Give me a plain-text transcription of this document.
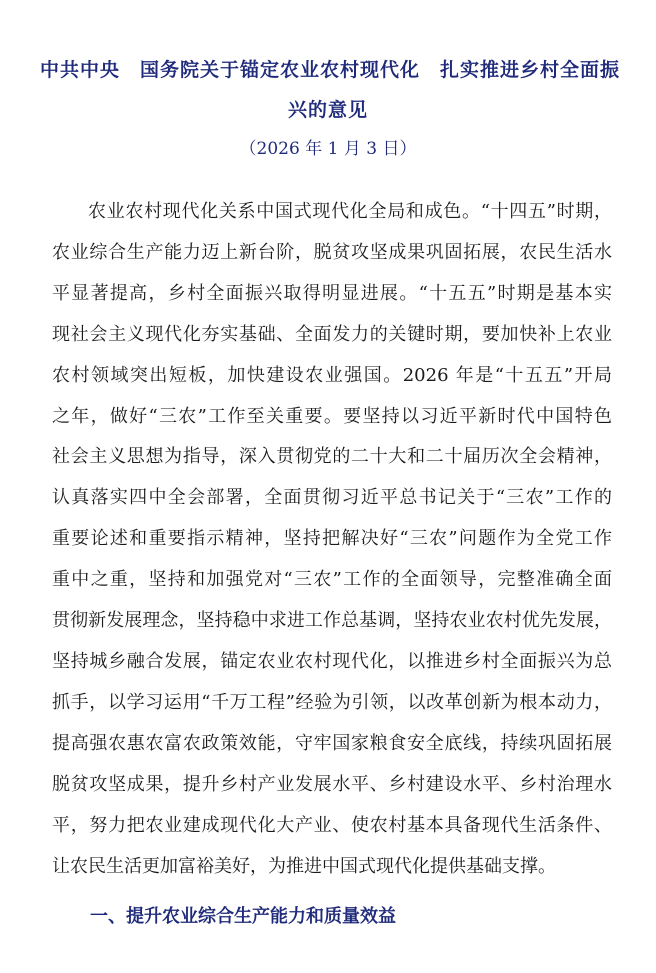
中共中央　国务院关于锚定农业农村现代化　扎实推进乡村全面振
兴的意见
（2026 年 1 月 3 日）
农业农村现代化关系中国式现代化全局和成色。“十四五”时期，
农业综合生产能力迈上新台阶，脱贫攻坚成果巩固拓展，农民生活水
平显著提高，乡村全面振兴取得明显进展。“十五五”时期是基本实
现社会主义现代化夯实基础、全面发力的关键时期，要加快补上农业
农村领域突出短板，加快建设农业强国。2026 年是“十五五”开局
之年，做好“三农”工作至关重要。要坚持以习近平新时代中国特色
社会主义思想为指导，深入贯彻党的二十大和二十届历次全会精神，
认真落实四中全会部署，全面贯彻习近平总书记关于“三农”工作的
重要论述和重要指示精神，坚持把解决好“三农”问题作为全党工作
重中之重，坚持和加强党对“三农”工作的全面领导，完整准确全面
贯彻新发展理念，坚持稳中求进工作总基调，坚持农业农村优先发展，
坚持城乡融合发展，锚定农业农村现代化，以推进乡村全面振兴为总
抓手，以学习运用“千万工程”经验为引领，以改革创新为根本动力，
提高强农惠农富农政策效能，守牢国家粮食安全底线，持续巩固拓展
脱贫攻坚成果，提升乡村产业发展水平、乡村建设水平、乡村治理水
平，努力把农业建成现代化大产业、使农村基本具备现代生活条件、
让农民生活更加富裕美好，为推进中国式现代化提供基础支撑。
一、提升农业综合生产能力和质量效益
